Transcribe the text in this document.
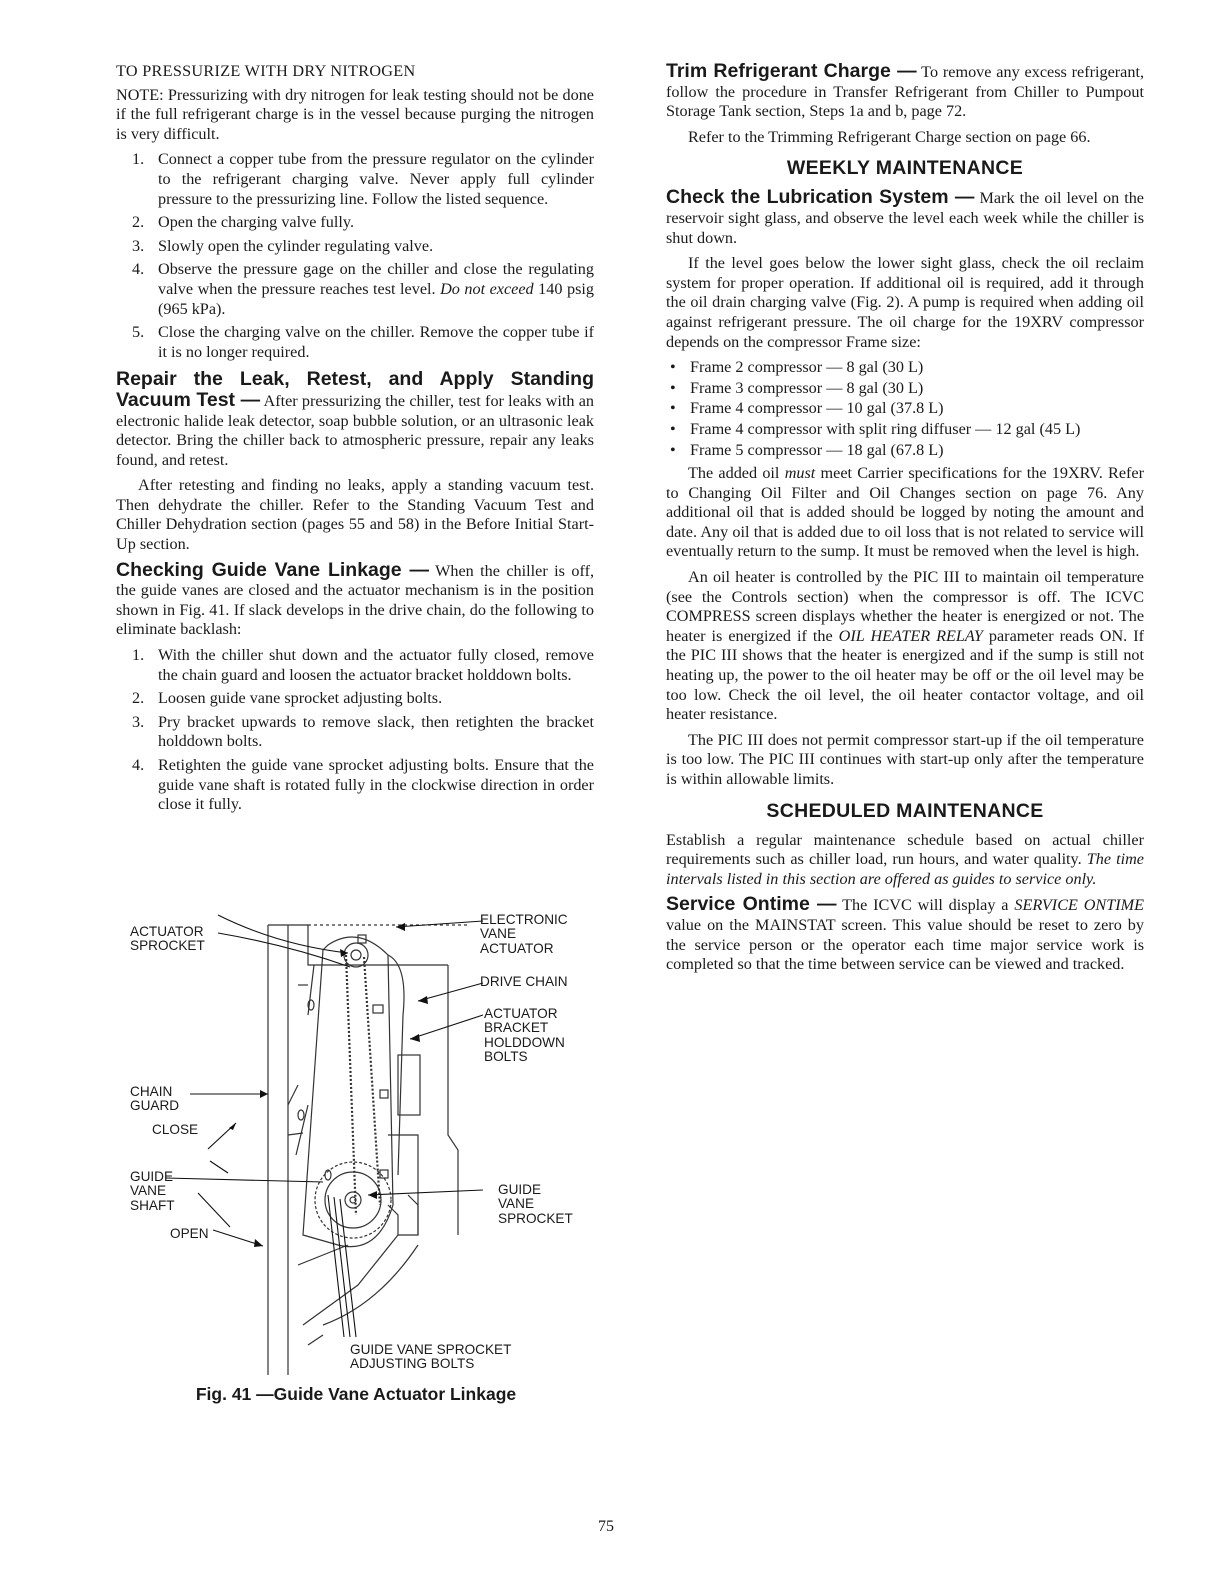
TO PRESSURIZE WITH DRY NITROGEN

NOTE: Pressurizing with dry nitrogen for leak testing should not be done if the full refrigerant charge is in the vessel because purging the nitrogen is very difficult.

1. Connect a copper tube from the pressure regulator on the cylinder to the refrigerant charging valve. Never apply full cylinder pressure to the pressurizing line. Follow the listed sequence.
2. Open the charging valve fully.
3. Slowly open the cylinder regulating valve.
4. Observe the pressure gage on the chiller and close the regulating valve when the pressure reaches test level. Do not exceed 140 psig (965 kPa).
5. Close the charging valve on the chiller. Remove the copper tube if it is no longer required.

Repair the Leak, Retest, and Apply Standing Vacuum Test — After pressurizing the chiller, test for leaks with an electronic halide leak detector, soap bubble solution, or an ultrasonic leak detector. Bring the chiller back to atmospheric pressure, repair any leaks found, and retest.

After retesting and finding no leaks, apply a standing vacuum test. Then dehydrate the chiller. Refer to the Standing Vacuum Test and Chiller Dehydration section (pages 55 and 58) in the Before Initial Start-Up section.

Checking Guide Vane Linkage — When the chiller is off, the guide vanes are closed and the actuator mechanism is in the position shown in Fig. 41. If slack develops in the drive chain, do the following to eliminate backlash:

1. With the chiller shut down and the actuator fully closed, remove the chain guard and loosen the actuator bracket holddown bolts.
2. Loosen guide vane sprocket adjusting bolts.
3. Pry bracket upwards to remove slack, then retighten the bracket holddown bolts.
4. Retighten the guide vane sprocket adjusting bolts. Ensure that the guide vane shaft is rotated fully in the clockwise direction in order close it fully.
ACTUATOR
SPROCKET
ELECTRONIC
VANE
ACTUATOR
DRIVE CHAIN
ACTUATOR
BRACKET
HOLDDOWN
BOLTS
CHAIN
GUARD
CLOSE
GUIDE
VANE
SHAFT
OPEN
GUIDE
VANE
SPROCKET
GUIDE VANE SPROCKET
ADJUSTING BOLTS
Fig. 41 —Guide Vane Actuator Linkage

Trim Refrigerant Charge — To remove any excess refrigerant, follow the procedure in Transfer Refrigerant from Chiller to Pumpout Storage Tank section, Steps 1a and b, page 72.

Refer to the Trimming Refrigerant Charge section on page 66.

WEEKLY MAINTENANCE

Check the Lubrication System — Mark the oil level on the reservoir sight glass, and observe the level each week while the chiller is shut down.

If the level goes below the lower sight glass, check the oil reclaim system for proper operation. If additional oil is required, add it through the oil drain charging valve (Fig. 2). A pump is required when adding oil against refrigerant pressure. The oil charge for the 19XRV compressor depends on the compressor Frame size:

• Frame 2 compressor — 8 gal (30 L)
• Frame 3 compressor — 8 gal (30 L)
• Frame 4 compressor — 10 gal (37.8 L)
• Frame 4 compressor with split ring diffuser — 12 gal (45 L)
• Frame 5 compressor — 18 gal (67.8 L)

The added oil must meet Carrier specifications for the 19XRV. Refer to Changing Oil Filter and Oil Changes section on page 76. Any additional oil that is added should be logged by noting the amount and date. Any oil that is added due to oil loss that is not related to service will eventually return to the sump. It must be removed when the level is high.

An oil heater is controlled by the PIC III to maintain oil temperature (see the Controls section) when the compressor is off. The ICVC COMPRESS screen displays whether the heater is energized or not. The heater is energized if the OIL HEATER RELAY parameter reads ON. If the PIC III shows that the heater is energized and if the sump is still not heating up, the power to the oil heater may be off or the oil level may be too low. Check the oil level, the oil heater contactor voltage, and oil heater resistance.

The PIC III does not permit compressor start-up if the oil temperature is too low. The PIC III continues with start-up only after the temperature is within allowable limits.

SCHEDULED MAINTENANCE

Establish a regular maintenance schedule based on actual chiller requirements such as chiller load, run hours, and water quality. The time intervals listed in this section are offered as guides to service only.

Service Ontime — The ICVC will display a SERVICE ONTIME value on the MAINSTAT screen. This value should be reset to zero by the service person or the operator each time major service work is completed so that the time between service can be viewed and tracked.

75
